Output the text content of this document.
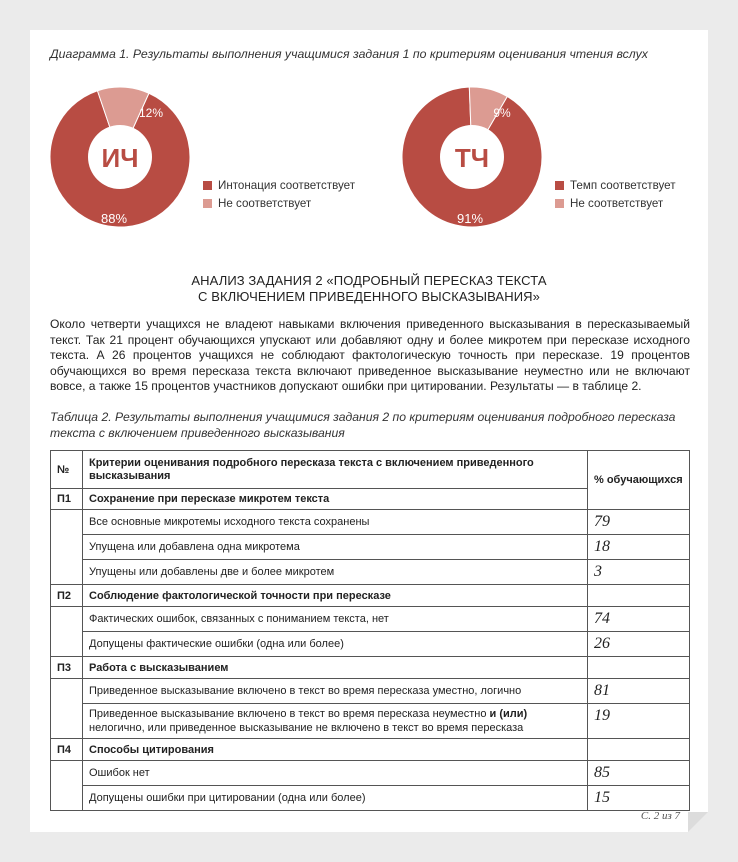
Диаграмма 1. Результаты выполнения учащимися задания 1 по критериям оценивания чтения вслух
ИЧ
88%
12%
Интонация соответствует
Не соответствует
ТЧ
91%
9%
Темп соответствует
Не соответствует
АНАЛИЗ ЗАДАНИЯ 2 «ПОДРОБНЫЙ ПЕРЕСКАЗ ТЕКСТА
С ВКЛЮЧЕНИЕМ ПРИВЕДЕННОГО ВЫСКАЗЫВАНИЯ»
Около четверти учащихся не владеют навыками включения приведенного высказывания в пересказываемый текст. Так 21 процент обучающихся упускают или добавляют одну и более микротем при пересказе исходного текста. А 26 процентов учащихся не соблюдают фактологическую точность при пересказе. 19 процентов обучающихся во время пересказа текста включают приведенное высказывание неуместно или не включают вовсе, а также 15 процентов участников допускают ошибки при цитировании. Результаты — в таблице 2.
Таблица 2. Результаты выполнения учащимися задания 2 по критериям оценивания подробного пересказа текста с включением приведенного высказывания
№	Критерии оценивания подробного пересказа текста с включением приведенного высказывания	% обучающихся
П1	Сохранение при пересказе микротем текста	
	Все основные микротемы исходного текста сохранены	79
	Упущена или добавлена одна микротема	18
	Упущены или добавлены две и более микротем	3
П2	Соблюдение фактологической точности при пересказе	
	Фактических ошибок, связанных с пониманием текста, нет	74
	Допущены фактические ошибки (одна или более)	26
П3	Работа с высказыванием	
	Приведенное высказывание включено в текст во время пересказа уместно, логично	81
	Приведенное высказывание включено в текст во время пересказа неуместно и (или) нелогично, или приведенное высказывание не включено в текст во время пересказа	19
П4	Способы цитирования	
	Ошибок нет	85
	Допущены ошибки при цитировании (одна или более)	15
С. 2 из 7
